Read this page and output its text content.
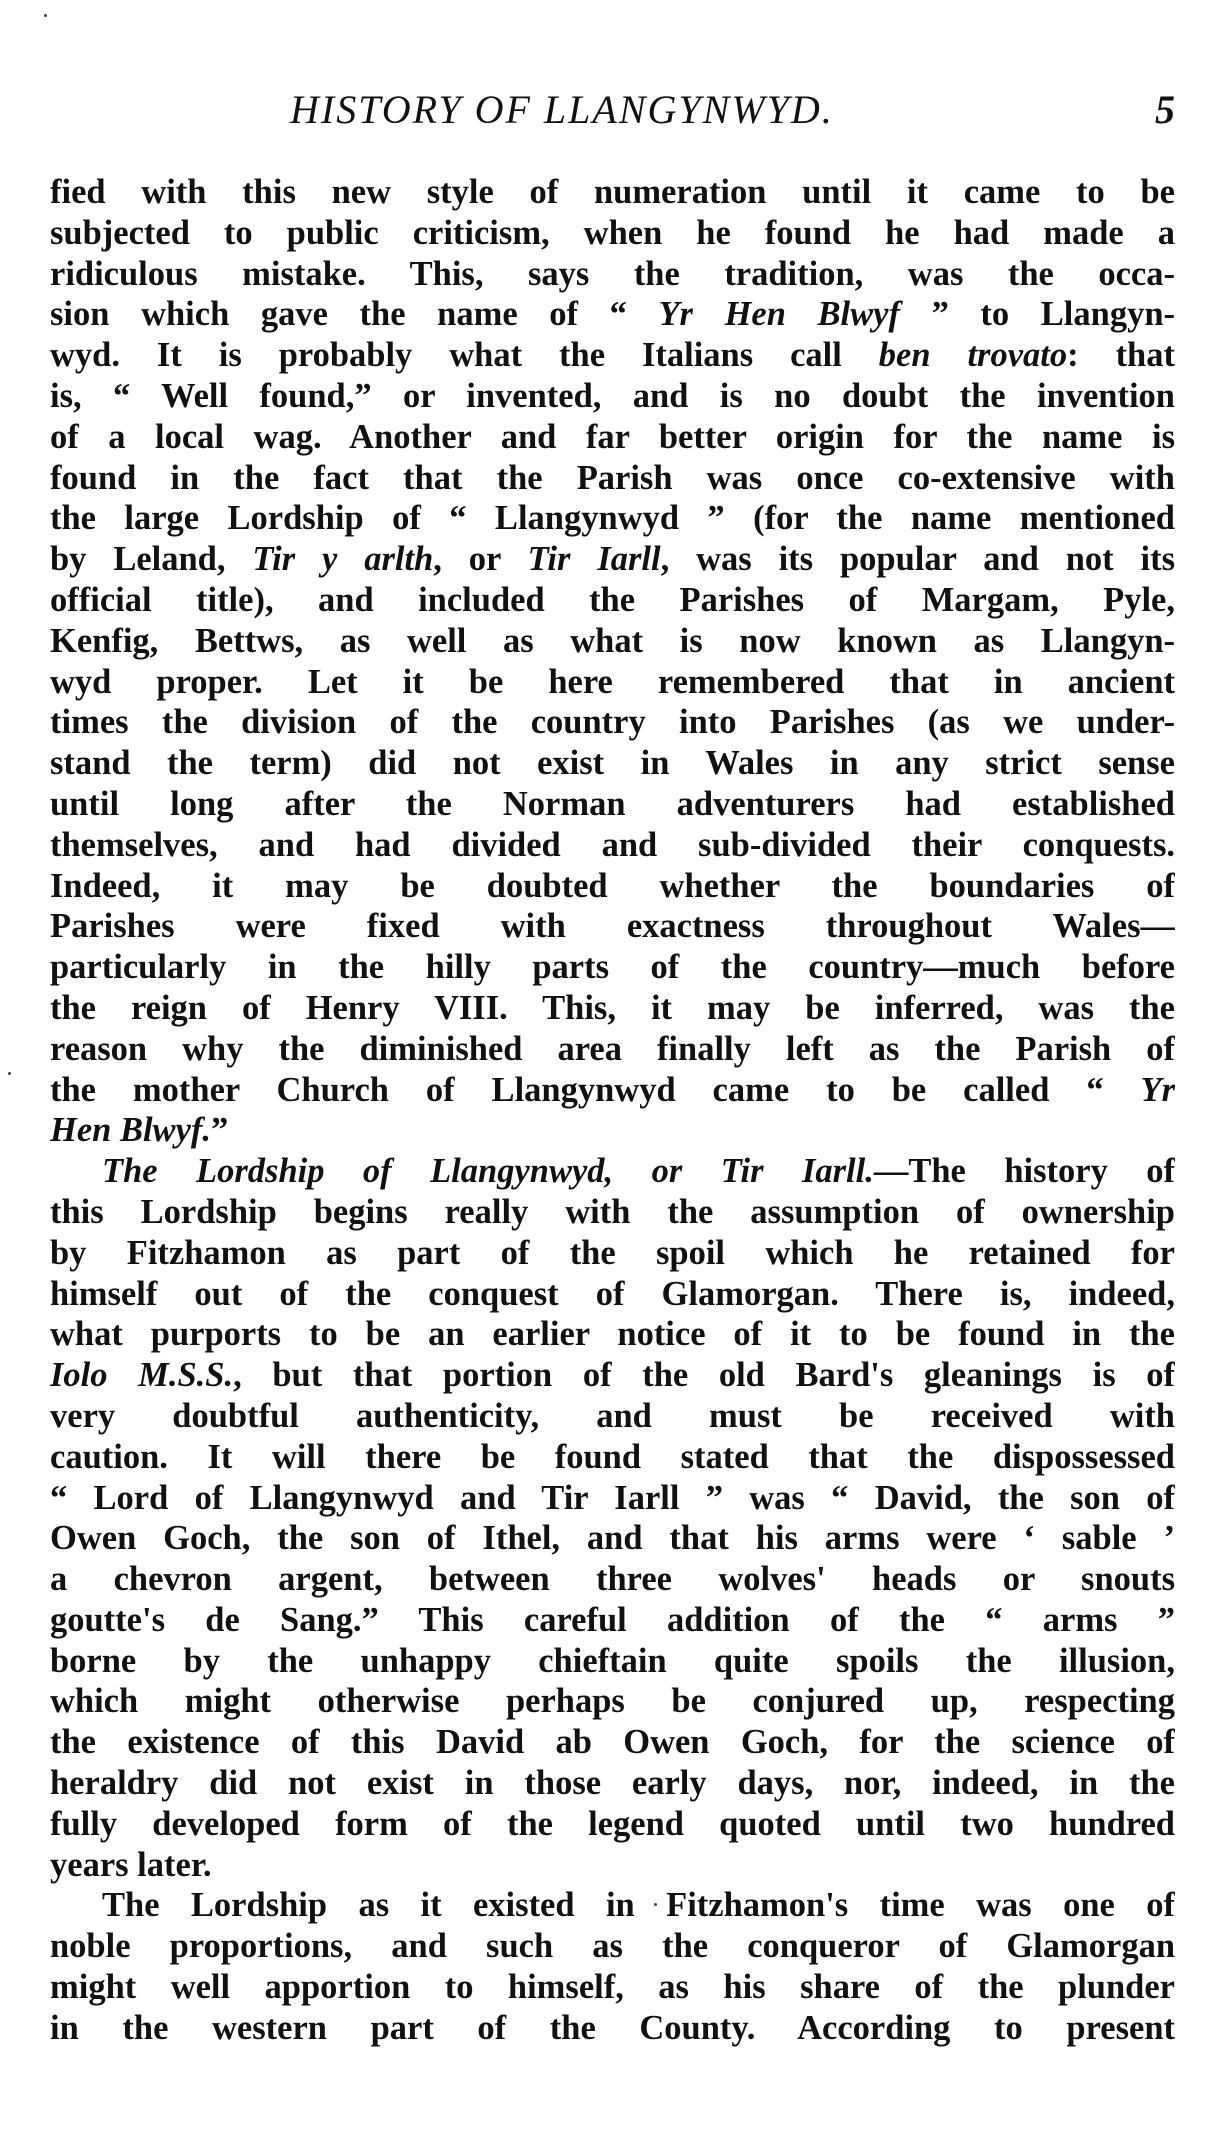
HISTORY OF LLANGYNWYD.	5
fied with this new style of numeration until it came to be
subjected to public criticism, when he found he had made a
ridiculous mistake. This, says the tradition, was the occa-
sion which gave the name of “ Yr Hen Blwyf ” to Llangyn-
wyd. It is probably what the Italians call ben trovato: that
is, “ Well found,” or invented, and is no doubt the invention
of a local wag. Another and far better origin for the name is
found in the fact that the Parish was once co-extensive with
the large Lordship of “ Llangynwyd ” (for the name mentioned
by Leland, Tir y arlth, or Tir Iarll, was its popular and not its
official title), and included the Parishes of Margam, Pyle,
Kenfig, Bettws, as well as what is now known as Llangyn-
wyd proper. Let it be here remembered that in ancient
times the division of the country into Parishes (as we under-
stand the term) did not exist in Wales in any strict sense
until long after the Norman adventurers had established
themselves, and had divided and sub-divided their conquests.
Indeed, it may be doubted whether the boundaries of
Parishes were fixed with exactness throughout Wales—
particularly in the hilly parts of the country—much before
the reign of Henry VIII. This, it may be inferred, was the
reason why the diminished area finally left as the Parish of
the mother Church of Llangynwyd came to be called “ Yr
Hen Blwyf.”
The Lordship of Llangynwyd, or Tir Iarll.—The history of
this Lordship begins really with the assumption of ownership
by Fitzhamon as part of the spoil which he retained for
himself out of the conquest of Glamorgan. There is, indeed,
what purports to be an earlier notice of it to be found in the
Iolo M.S.S., but that portion of the old Bard's gleanings is of
very doubtful authenticity, and must be received with
caution. It will there be found stated that the dispossessed
“ Lord of Llangynwyd and Tir Iarll ” was “ David, the son of
Owen Goch, the son of Ithel, and that his arms were ‘ sable ’
a chevron argent, between three wolves' heads or snouts
goutte's de Sang.” This careful addition of the “ arms ”
borne by the unhappy chieftain quite spoils the illusion,
which might otherwise perhaps be conjured up, respecting
the existence of this David ab Owen Goch, for the science of
heraldry did not exist in those early days, nor, indeed, in the
fully developed form of the legend quoted until two hundred
years later.
The Lordship as it existed in Fitzhamon's time was one of
noble proportions, and such as the conqueror of Glamorgan
might well apportion to himself, as his share of the plunder
in the western part of the County. According to present
